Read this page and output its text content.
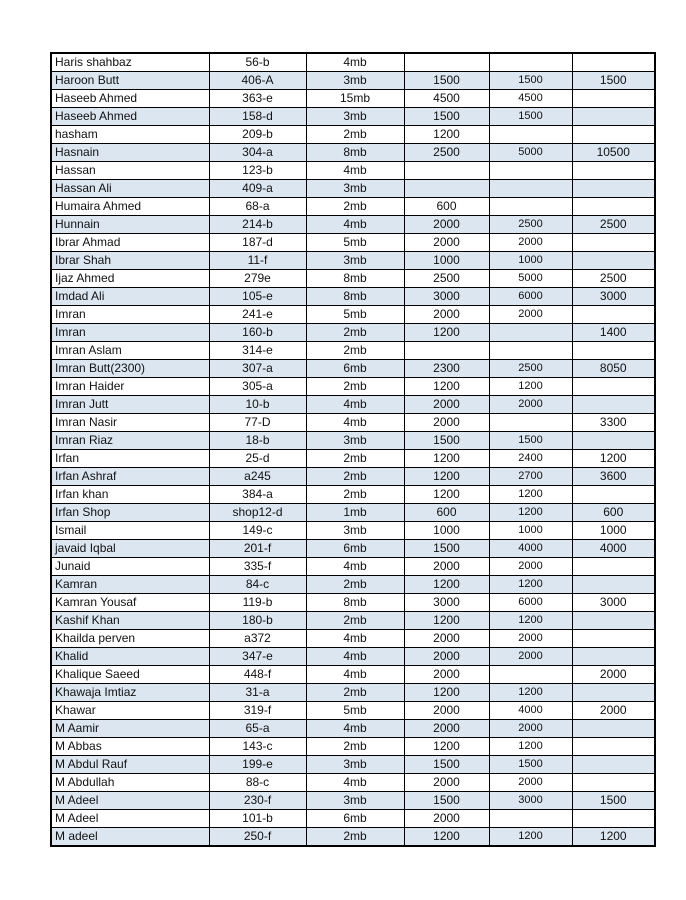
Haris shahbaz	56-b	4mb			
Haroon Butt	406-A	3mb	1500	1500	1500
Haseeb Ahmed	363-e	15mb	4500	4500	
Haseeb Ahmed	158-d	3mb	1500	1500	
hasham	209-b	2mb	1200		
Hasnain	304-a	8mb	2500	5000	10500
Hassan	123-b	4mb			
Hassan Ali	409-a	3mb			
Humaira Ahmed	68-a	2mb	600		
Hunnain	214-b	4mb	2000	2500	2500
Ibrar Ahmad	187-d	5mb	2000	2000	
Ibrar Shah	11-f	3mb	1000	1000	
Ijaz Ahmed	279e	8mb	2500	5000	2500
Imdad Ali	105-e	8mb	3000	6000	3000
Imran	241-e	5mb	2000	2000	
Imran	160-b	2mb	1200		1400
Imran Aslam	314-e	2mb			
Imran Butt(2300)	307-a	6mb	2300	2500	8050
Imran Haider	305-a	2mb	1200	1200	
Imran Jutt	10-b	4mb	2000	2000	
Imran Nasir	77-D	4mb	2000		3300
Imran Riaz	18-b	3mb	1500	1500	
Irfan	25-d	2mb	1200	2400	1200
Irfan Ashraf	a245	2mb	1200	2700	3600
Irfan khan	384-a	2mb	1200	1200	
Irfan Shop	shop12-d	1mb	600	1200	600
Ismail	149-c	3mb	1000	1000	1000
javaid Iqbal	201-f	6mb	1500	4000	4000
Junaid	335-f	4mb	2000	2000	
Kamran	84-c	2mb	1200	1200	
Kamran Yousaf	119-b	8mb	3000	6000	3000
Kashif Khan	180-b	2mb	1200	1200	
Khailda perven	a372	4mb	2000	2000	
Khalid	347-e	4mb	2000	2000	
Khalique Saeed	448-f	4mb	2000		2000
Khawaja Imtiaz	31-a	2mb	1200	1200	
Khawar	319-f	5mb	2000	4000	2000
M Aamir	65-a	4mb	2000	2000	
M Abbas	143-c	2mb	1200	1200	
M Abdul Rauf	199-e	3mb	1500	1500	
M Abdullah	88-c	4mb	2000	2000	
M Adeel	230-f	3mb	1500	3000	1500
M Adeel	101-b	6mb	2000		
M adeel	250-f	2mb	1200	1200	1200
